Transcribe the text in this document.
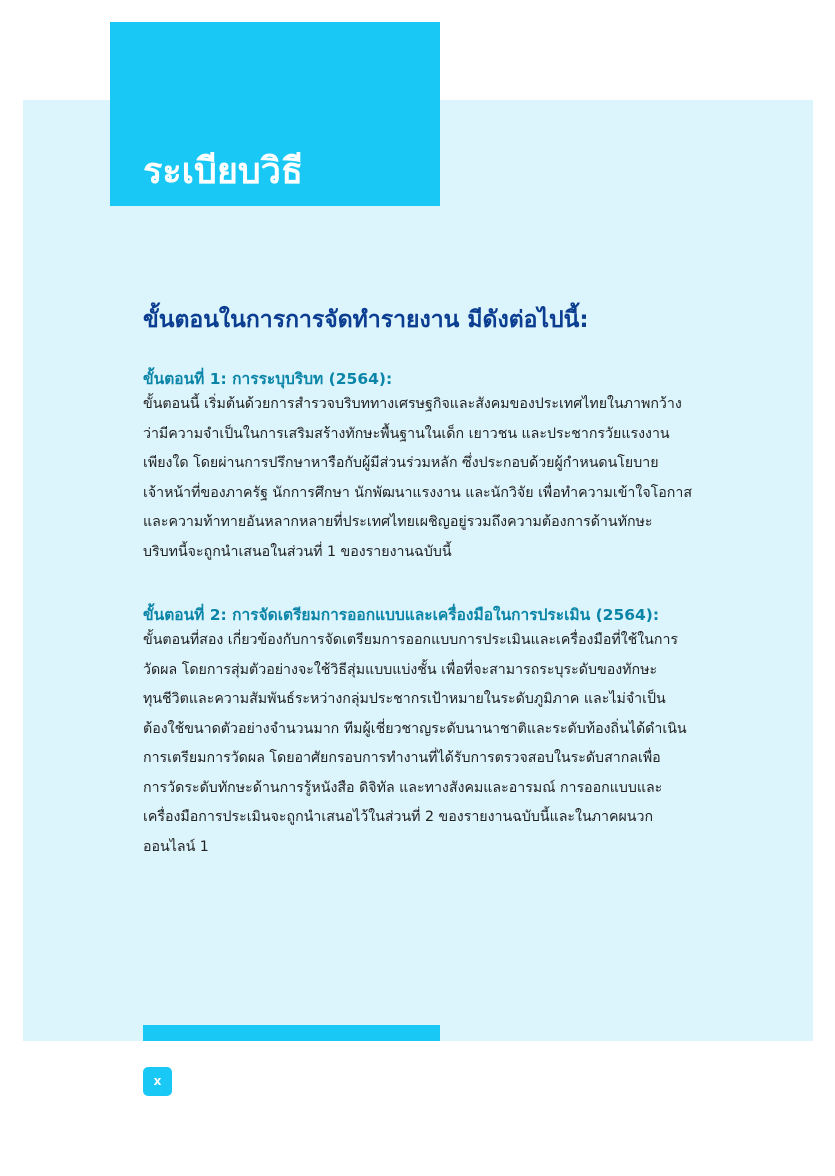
ระเบียบวิธี
ขั้นตอนในการการจัดทำรายงาน มีดังต่อไปนี้:
ขั้นตอนที่ 1: การระบุบริบท (2564):
ขั้นตอนนี้ เริ่มต้นด้วยการสำรวจบริบททางเศรษฐกิจและสังคมของประเทศไทยในภาพกว้าง
ว่ามีความจำเป็นในการเสริมสร้างทักษะพื้นฐานในเด็ก เยาวชน และประชากรวัยแรงงาน
เพียงใด โดยผ่านการปรึกษาหารือกับผู้มีส่วนร่วมหลัก ซึ่งประกอบด้วยผู้กำหนดนโยบาย
เจ้าหน้าที่ของภาครัฐ นักการศึกษา นักพัฒนาแรงงาน และนักวิจัย เพื่อทำความเข้าใจโอกาส
และความท้าทายอันหลากหลายที่ประเทศไทยเผชิญอยู่รวมถึงความต้องการด้านทักษะ
บริบทนี้จะถูกนำเสนอในส่วนที่ 1 ของรายงานฉบับนี้
ขั้นตอนที่ 2: การจัดเตรียมการออกแบบและเครื่องมือในการประเมิน (2564):
ขั้นตอนที่สอง เกี่ยวข้องกับการจัดเตรียมการออกแบบการประเมินและเครื่องมือที่ใช้ในการ
วัดผล โดยการสุ่มตัวอย่างจะใช้วิธีสุ่มแบบแบ่งชั้น เพื่อที่จะสามารถระบุระดับของทักษะ
ทุนชีวิตและความสัมพันธ์ระหว่างกลุ่มประชากรเป้าหมายในระดับภูมิภาค และไม่จำเป็น
ต้องใช้ขนาดตัวอย่างจำนวนมาก ทีมผู้เชี่ยวชาญระดับนานาชาติและระดับท้องถิ่นได้ดำเนิน
การเตรียมการวัดผล โดยอาศัยกรอบการทำงานที่ได้รับการตรวจสอบในระดับสากลเพื่อ
การวัดระดับทักษะด้านการรู้หนังสือ ดิจิทัล และทางสังคมและอารมณ์ การออกแบบและ
เครื่องมือการประเมินจะถูกนำเสนอไว้ในส่วนที่ 2 ของรายงานฉบับนี้และในภาคผนวก
ออนไลน์ 1
x
